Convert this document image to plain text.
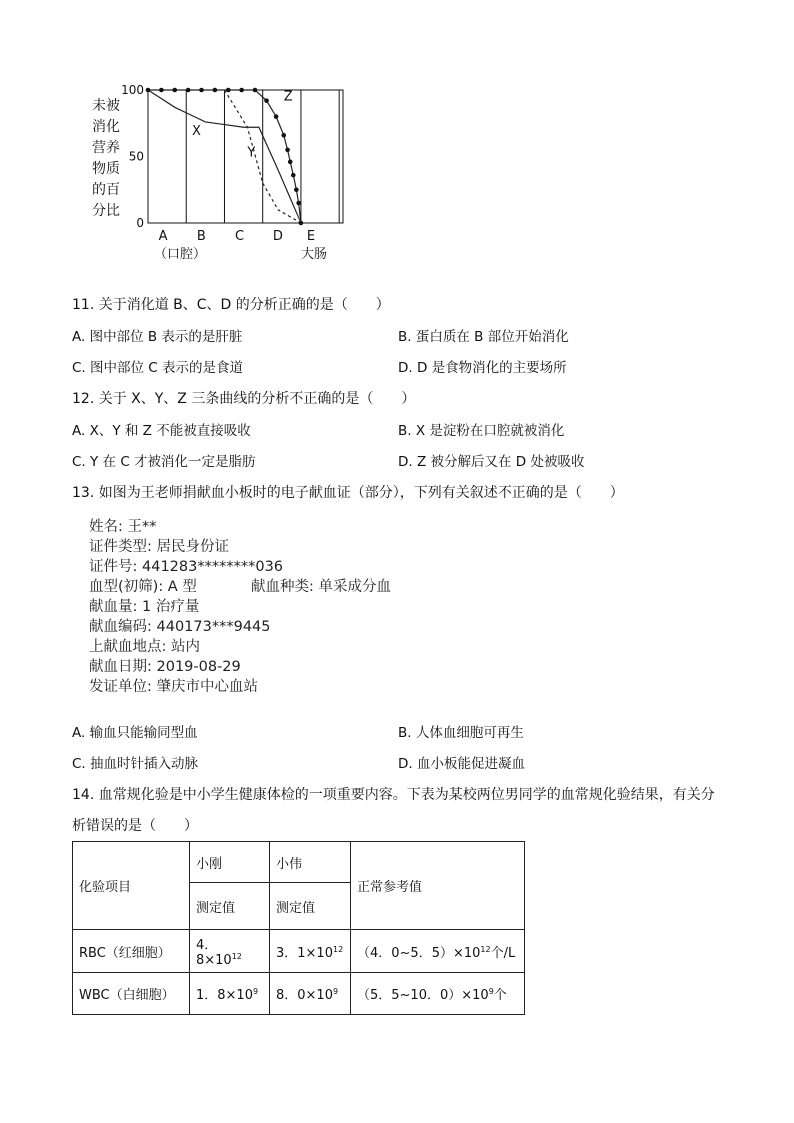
未被
消化
营养
物质
的百
分比
100
50
0
X
Y
Z
A B C D E
（口腔）	大肠
11. 关于消化道 B、C、D 的分析正确的是（　　）
A. 图中部位 B 表示的是肝脏	B. 蛋白质在 B 部位开始消化
C. 图中部位 C 表示的是食道	D. D 是食物消化的主要场所
12. 关于 X、Y、Z 三条曲线的分析不正确的是（　　）
A. X、Y 和 Z 不能被直接吸收	B. X 是淀粉在口腔就被消化
C. Y 在 C 才被消化一定是脂肪	D. Z 被分解后又在 D 处被吸收
13. 如图为王老师捐献血小板时的电子献血证（部分），下列有关叙述不正确的是（　　）
姓名: 王**
证件类型: 居民身份证
证件号: 441283********036
血型(初筛): A 型	献血种类: 单采成分血
献血量: 1 治疗量
献血编码: 440173***9445
上献血地点: 站内
献血日期: 2019-08-29
发证单位: 肇庆市中心血站
A. 输血只能输同型血	B. 人体血细胞可再生
C. 抽血时针插入动脉	D. 血小板能促进凝血
14. 血常规化验是中小学生健康体检的一项重要内容。下表为某校两位男同学的血常规化验结果，有关分
析错误的是（　　）
化验项目	小刚	小伟	正常参考值
	测定值	测定值	
RBC（红细胞）	4．$8\times 10^{12}$	3．$1\times 10^{12}$	（4．0~5．$5)\times 10^{12}$个/L
WBC（白细胞）	1．$8\times 10^9$	8．$0\times 10^9$	（5．5~10．$0)\times 10^9$个
